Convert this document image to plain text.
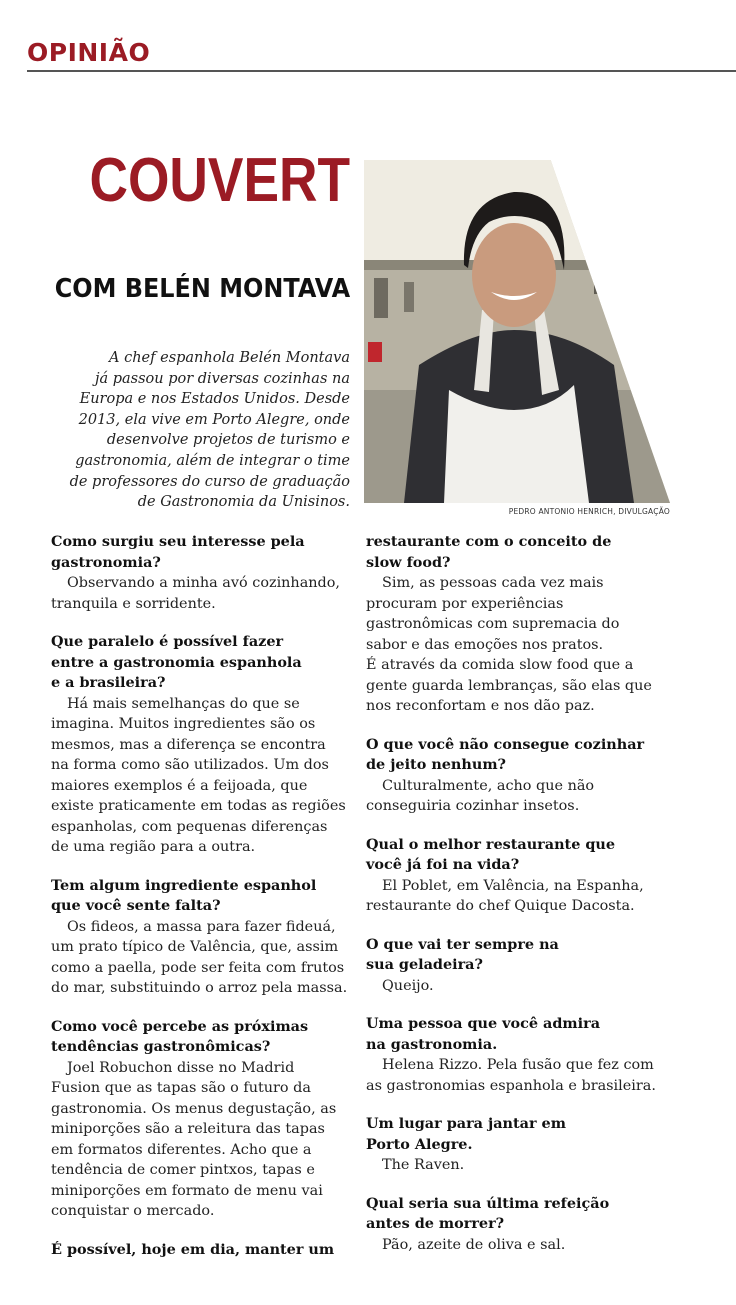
OPINIÃO
COUVERT
COM BELÉN MONTAVA
A chef espanhola Belén Montava
já passou por diversas cozinhas na
Europa e nos Estados Unidos. Desde
2013, ela vive em Porto Alegre, onde
desenvolve projetos de turismo e
gastronomia, além de integrar o time
de professores do curso de graduação
de Gastronomia da Unisinos.
PEDRO ANTONIO HENRICH, DIVULGAÇÃO
Como surgiu seu interesse pela
gastronomia?
Observando a minha avó cozinhando,
tranquila e sorridente.
Que paralelo é possível fazer
entre a gastronomia espanhola
e a brasileira?
Há mais semelhanças do que se
imagina. Muitos ingredientes são os
mesmos, mas a diferença se encontra
na forma como são utilizados. Um dos
maiores exemplos é a feijoada, que
existe praticamente em todas as regiões
espanholas, com pequenas diferenças
de uma região para a outra.
Tem algum ingrediente espanhol
que você sente falta?
Os fideos, a massa para fazer fideuá,
um prato típico de Valência, que, assim
como a paella, pode ser feita com frutos
do mar, substituindo o arroz pela massa.
Como você percebe as próximas
tendências gastronômicas?
Joel Robuchon disse no Madrid
Fusion que as tapas são o futuro da
gastronomia. Os menus degustação, as
miniporções são a releitura das tapas
em formatos diferentes. Acho que a
tendência de comer pintxos, tapas e
miniporções em formato de menu vai
conquistar o mercado.
É possível, hoje em dia, manter um
restaurante com o conceito de
slow food?
Sim, as pessoas cada vez mais
procuram por experiências
gastronômicas com supremacia do
sabor e das emoções nos pratos.
É através da comida slow food que a
gente guarda lembranças, são elas que
nos reconfortam e nos dão paz.
O que você não consegue cozinhar
de jeito nenhum?
Culturalmente, acho que não
conseguiria cozinhar insetos.
Qual o melhor restaurante que
você já foi na vida?
El Poblet, em Valência, na Espanha,
restaurante do chef Quique Dacosta.
O que vai ter sempre na
sua geladeira?
Queijo.
Uma pessoa que você admira
na gastronomia.
Helena Rizzo. Pela fusão que fez com
as gastronomias espanhola e brasileira.
Um lugar para jantar em
Porto Alegre.
The Raven.
Qual seria sua última refeição
antes de morrer?
Pão, azeite de oliva e sal.
